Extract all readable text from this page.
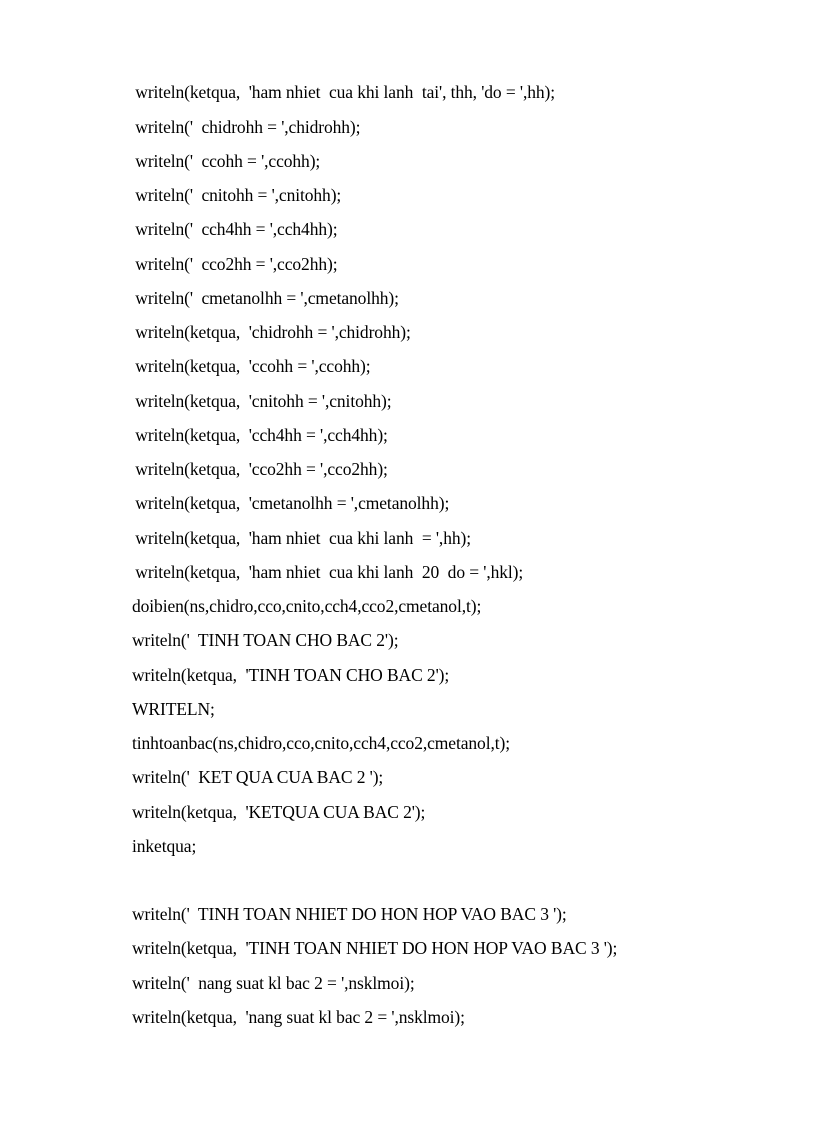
writeln(ketqua,  'ham nhiet  cua khi lanh  tai', thh, 'do = ',hh);
writeln('  chidrohh = ',chidrohh);
writeln('  ccohh = ',ccohh);
writeln('  cnitohh = ',cnitohh);
writeln('  cch4hh = ',cch4hh);
writeln('  cco2hh = ',cco2hh);
writeln('  cmetanolhh = ',cmetanolhh);
writeln(ketqua,  'chidrohh = ',chidrohh);
writeln(ketqua,  'ccohh = ',ccohh);
writeln(ketqua,  'cnitohh = ',cnitohh);
writeln(ketqua,  'cch4hh = ',cch4hh);
writeln(ketqua,  'cco2hh = ',cco2hh);
writeln(ketqua,  'cmetanolhh = ',cmetanolhh);
writeln(ketqua,  'ham nhiet  cua khi lanh  = ',hh);
writeln(ketqua,  'ham nhiet  cua khi lanh  20  do = ',hkl);
doibien(ns,chidro,cco,cnito,cch4,cco2,cmetanol,t);
writeln('  TINH TOAN CHO BAC 2');
writeln(ketqua,  'TINH TOAN CHO BAC 2');
WRITELN;
tinhtoanbac(ns,chidro,cco,cnito,cch4,cco2,cmetanol,t);
writeln('  KET QUA CUA BAC 2 ');
writeln(ketqua,  'KETQUA CUA BAC 2');
inketqua;
writeln('  TINH TOAN NHIET DO HON HOP VAO BAC 3 ');
writeln(ketqua,  'TINH TOAN NHIET DO HON HOP VAO BAC 3 ');
writeln('  nang suat kl bac 2 = ',nsklmoi);
writeln(ketqua,  'nang suat kl bac 2 = ',nsklmoi);
